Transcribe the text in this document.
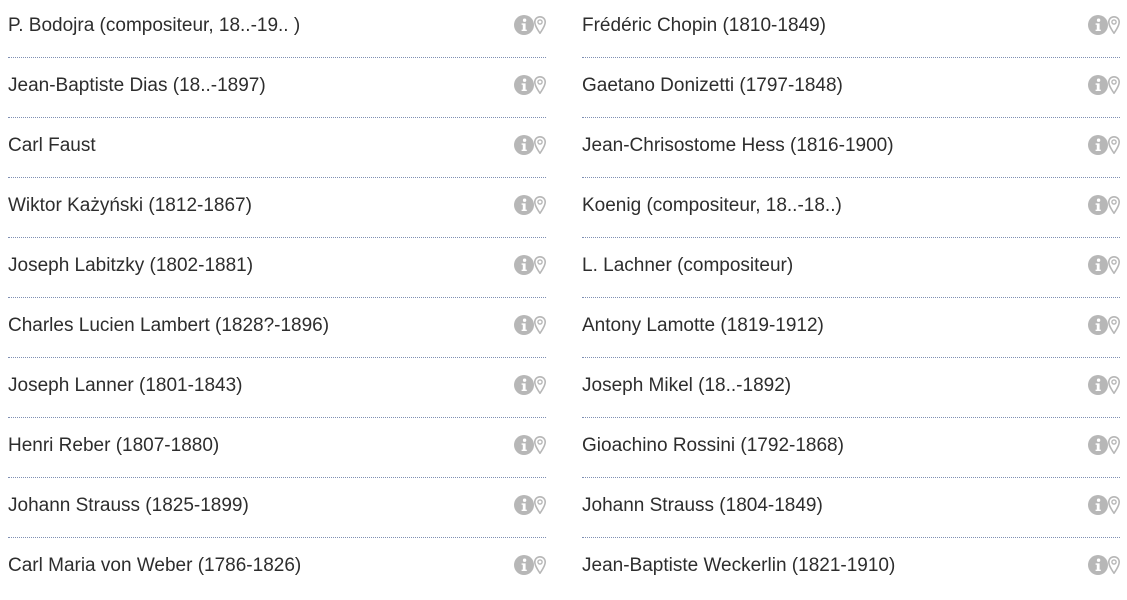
P. Bodojra (compositeur, 18..-19.. )
Jean-Baptiste Dias (18..-1897)
Carl Faust
Wiktor Każyński (1812-1867)
Joseph Labitzky (1802-1881)
Charles Lucien Lambert (1828?-1896)
Joseph Lanner (1801-1843)
Henri Reber (1807-1880)
Johann Strauss (1825-1899)
Carl Maria von Weber (1786-1826)
Frédéric Chopin (1810-1849)
Gaetano Donizetti (1797-1848)
Jean-Chrisostome Hess (1816-1900)
Koenig (compositeur, 18..-18..)
L. Lachner (compositeur)
Antony Lamotte (1819-1912)
Joseph Mikel (18..-1892)
Gioachino Rossini (1792-1868)
Johann Strauss (1804-1849)
Jean-Baptiste Weckerlin (1821-1910)
